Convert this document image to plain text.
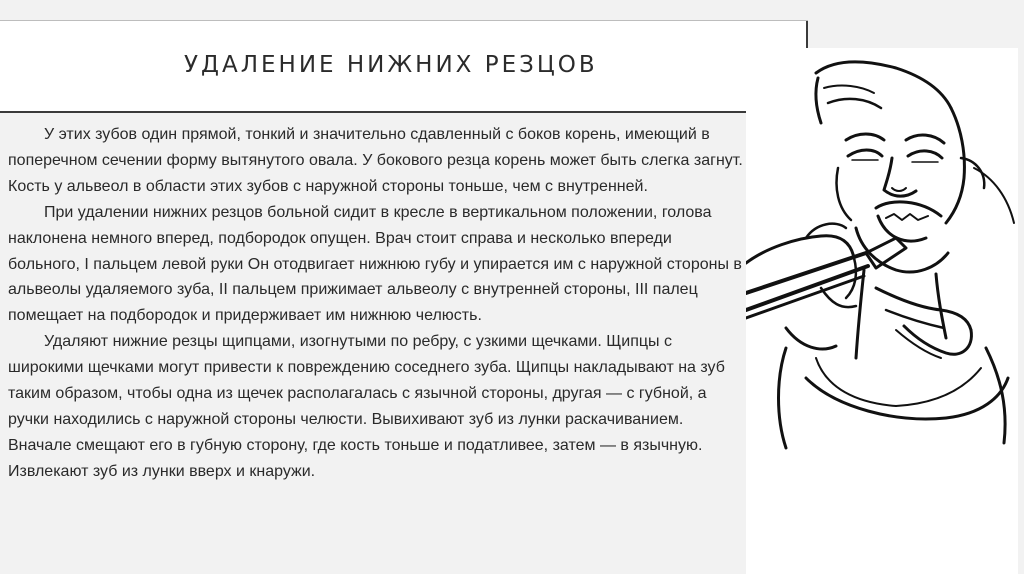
УДАЛЕНИЕ НИЖНИХ РЕЗЦОВ

У этих зубов один прямой, тонкий и значительно сдавленный с боков корень, имеющий в поперечном сечении форму вытянутого овала. У бокового резца корень может быть слегка загнут. Кость у альвеол в области этих зубов с наружной стороны тоньше, чем с внутренней.

При удалении нижних резцов больной сидит в кресле в вертикальном положении, голова наклонена немного вперед, подбородок опущен. Врач стоит справа и несколько впереди больного, I пальцем левой руки Он отодвигает нижнюю губу и упирается им с наружной стороны в альвеолы удаляемого зуба, II пальцем прижимает альвеолу с внутренней стороны, III палец помещает на подбородок и придерживает им нижнюю челюсть.

Удаляют нижние резцы щипцами, изогнутыми по ребру, с узкими щечками. Щипцы с широкими щечками могут привести к повреждению соседнего зуба. Щипцы накладывают на зуб таким образом, чтобы одна из щечек располагалась с язычной стороны, другая — с губной, а ручки находились с наружной стороны челюсти. Вывихивают зуб из лунки раскачиванием. Вначале смещают его в губную сторону, где кость тоньше и податливее, затем — в язычную. Извлекают зуб из лунки вверх и кнаружи.
